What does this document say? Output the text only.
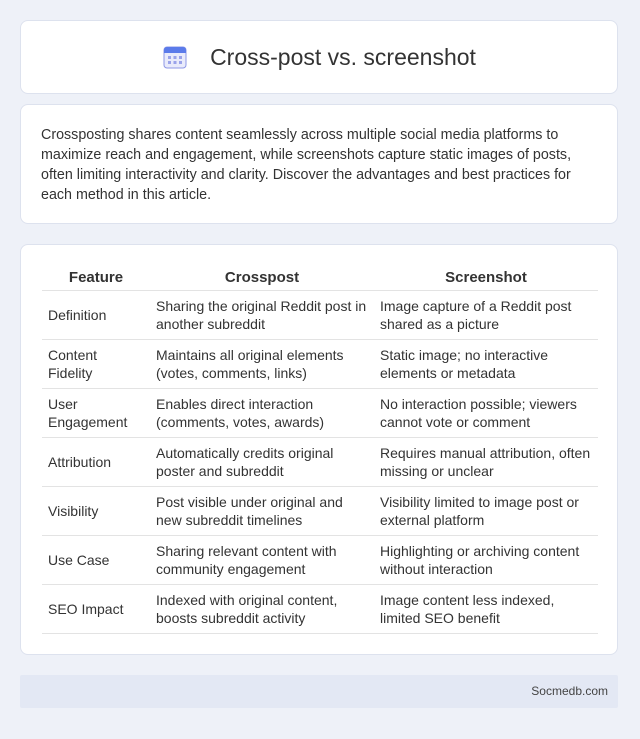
Cross-post vs. screenshot

Crossposting shares content seamlessly across multiple social media platforms to maximize reach and engagement, while screenshots capture static images of posts, often limiting interactivity and clarity. Discover the advantages and best practices for each method in this article.

Feature	Crosspost	Screenshot
Definition	Sharing the original Reddit post in another subreddit	Image capture of a Reddit post shared as a picture
Content Fidelity	Maintains all original elements (votes, comments, links)	Static image; no interactive elements or metadata
User Engagement	Enables direct interaction (comments, votes, awards)	No interaction possible; viewers cannot vote or comment
Attribution	Automatically credits original poster and subreddit	Requires manual attribution, often missing or unclear
Visibility	Post visible under original and new subreddit timelines	Visibility limited to image post or external platform
Use Case	Sharing relevant content with community engagement	Highlighting or archiving content without interaction
SEO Impact	Indexed with original content, boosts subreddit activity	Image content less indexed, limited SEO benefit
Socmedb.com
